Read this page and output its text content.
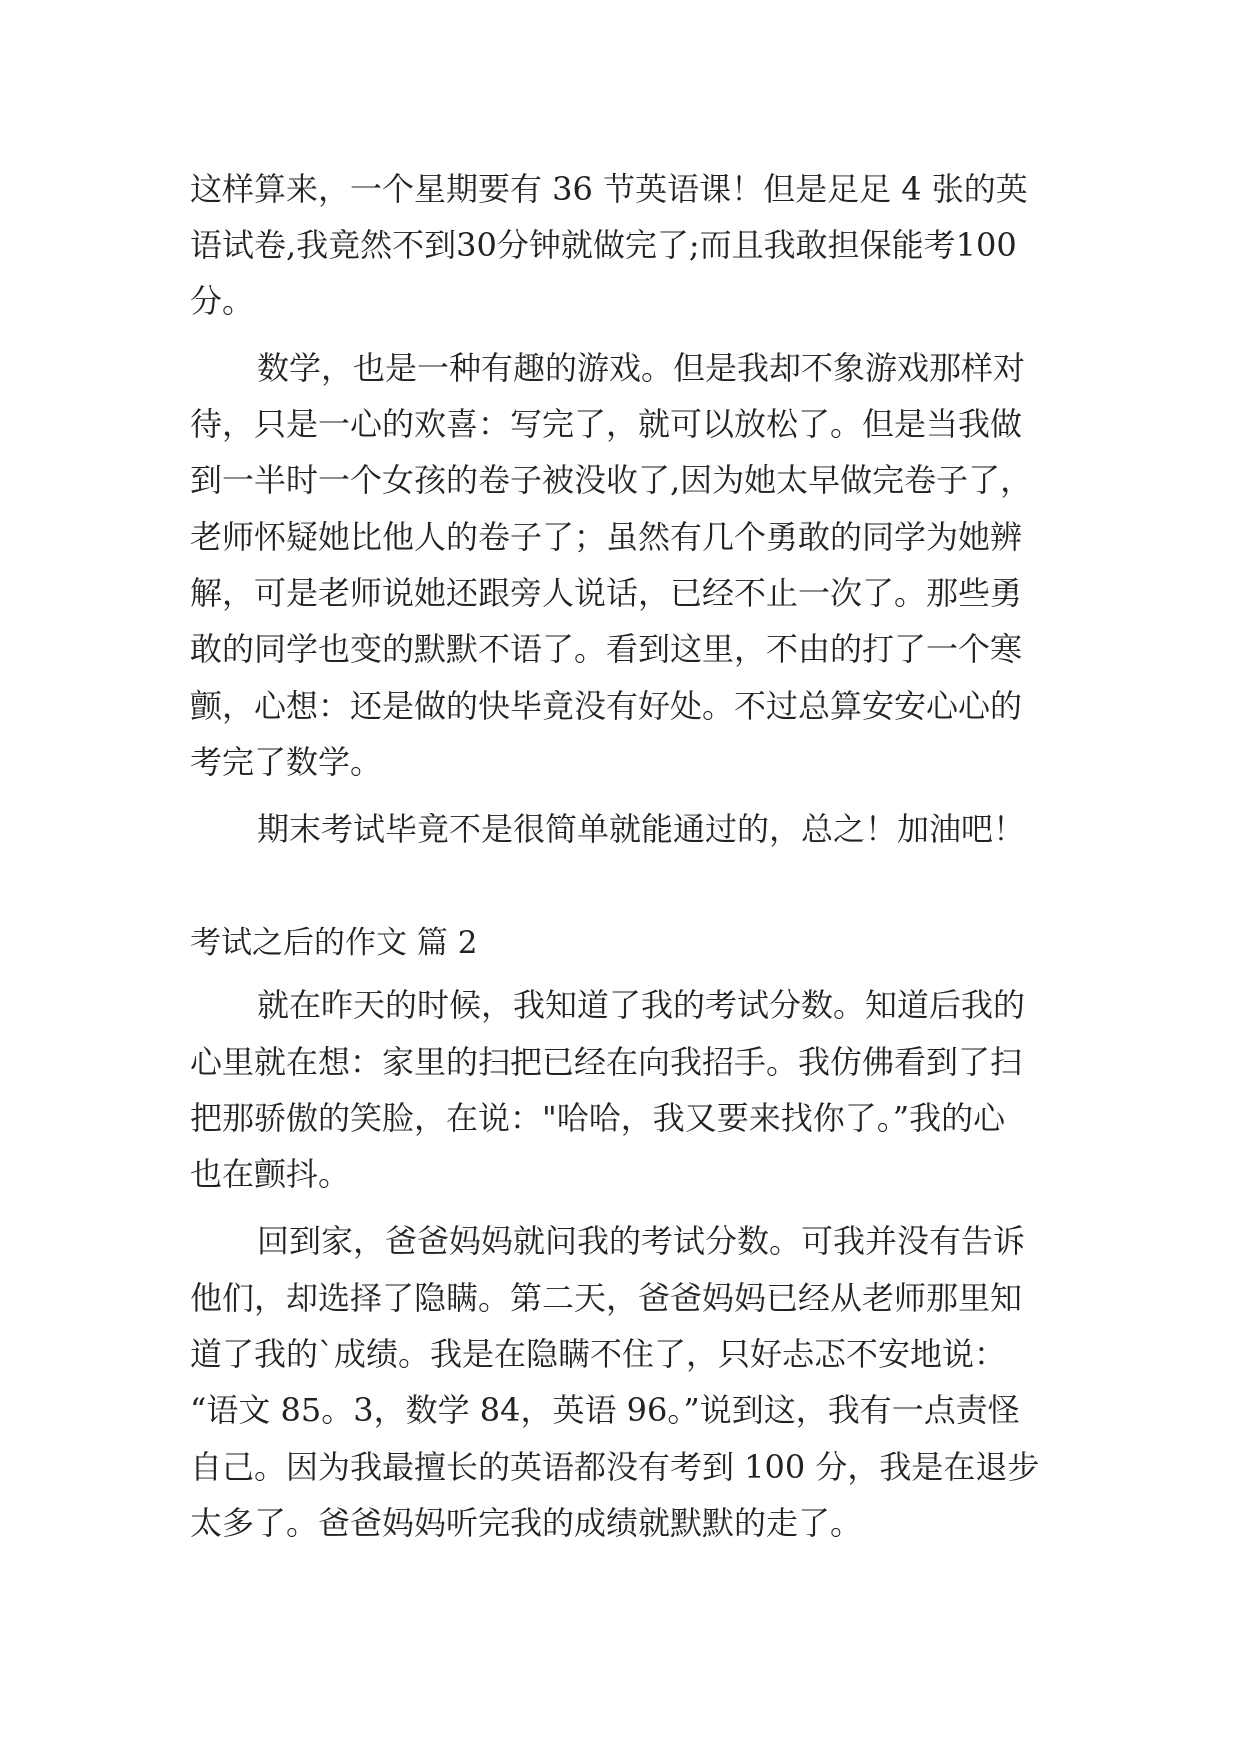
这样算来，一个星期要有 36 节英语课！但是足足 4 张的英

语试卷,我竟然不到30分钟就做完了;而且我敢担保能考100

分。

数学，也是一种有趣的游戏。但是我却不象游戏那样对

待，只是一心的欢喜：写完了，就可以放松了。但是当我做

到一半时一个女孩的卷子被没收了,因为她太早做完卷子了，

老师怀疑她比他人的卷子了；虽然有几个勇敢的同学为她辨

解，可是老师说她还跟旁人说话，已经不止一次了。那些勇

敢的同学也变的默默不语了。看到这里，不由的打了一个寒

颤，心想：还是做的快毕竟没有好处。不过总算安安心心的

考完了数学。

期末考试毕竟不是很简单就能通过的，总之！加油吧！

考试之后的作文 篇 2

就在昨天的时候，我知道了我的考试分数。知道后我的

心里就在想：家里的扫把已经在向我招手。我仿佛看到了扫

把那骄傲的笑脸，在说："哈哈，我又要来找你了。”我的心

也在颤抖。

回到家，爸爸妈妈就问我的考试分数。可我并没有告诉

他们，却选择了隐瞒。第二天，爸爸妈妈已经从老师那里知

道了我的`成绩。我是在隐瞒不住了，只好忐忑不安地说：

“语文 85。3，数学 84，英语 96。”说到这，我有一点责怪

自己。因为我最擅长的英语都没有考到 100 分，我是在退步

太多了。爸爸妈妈听完我的成绩就默默的走了。
